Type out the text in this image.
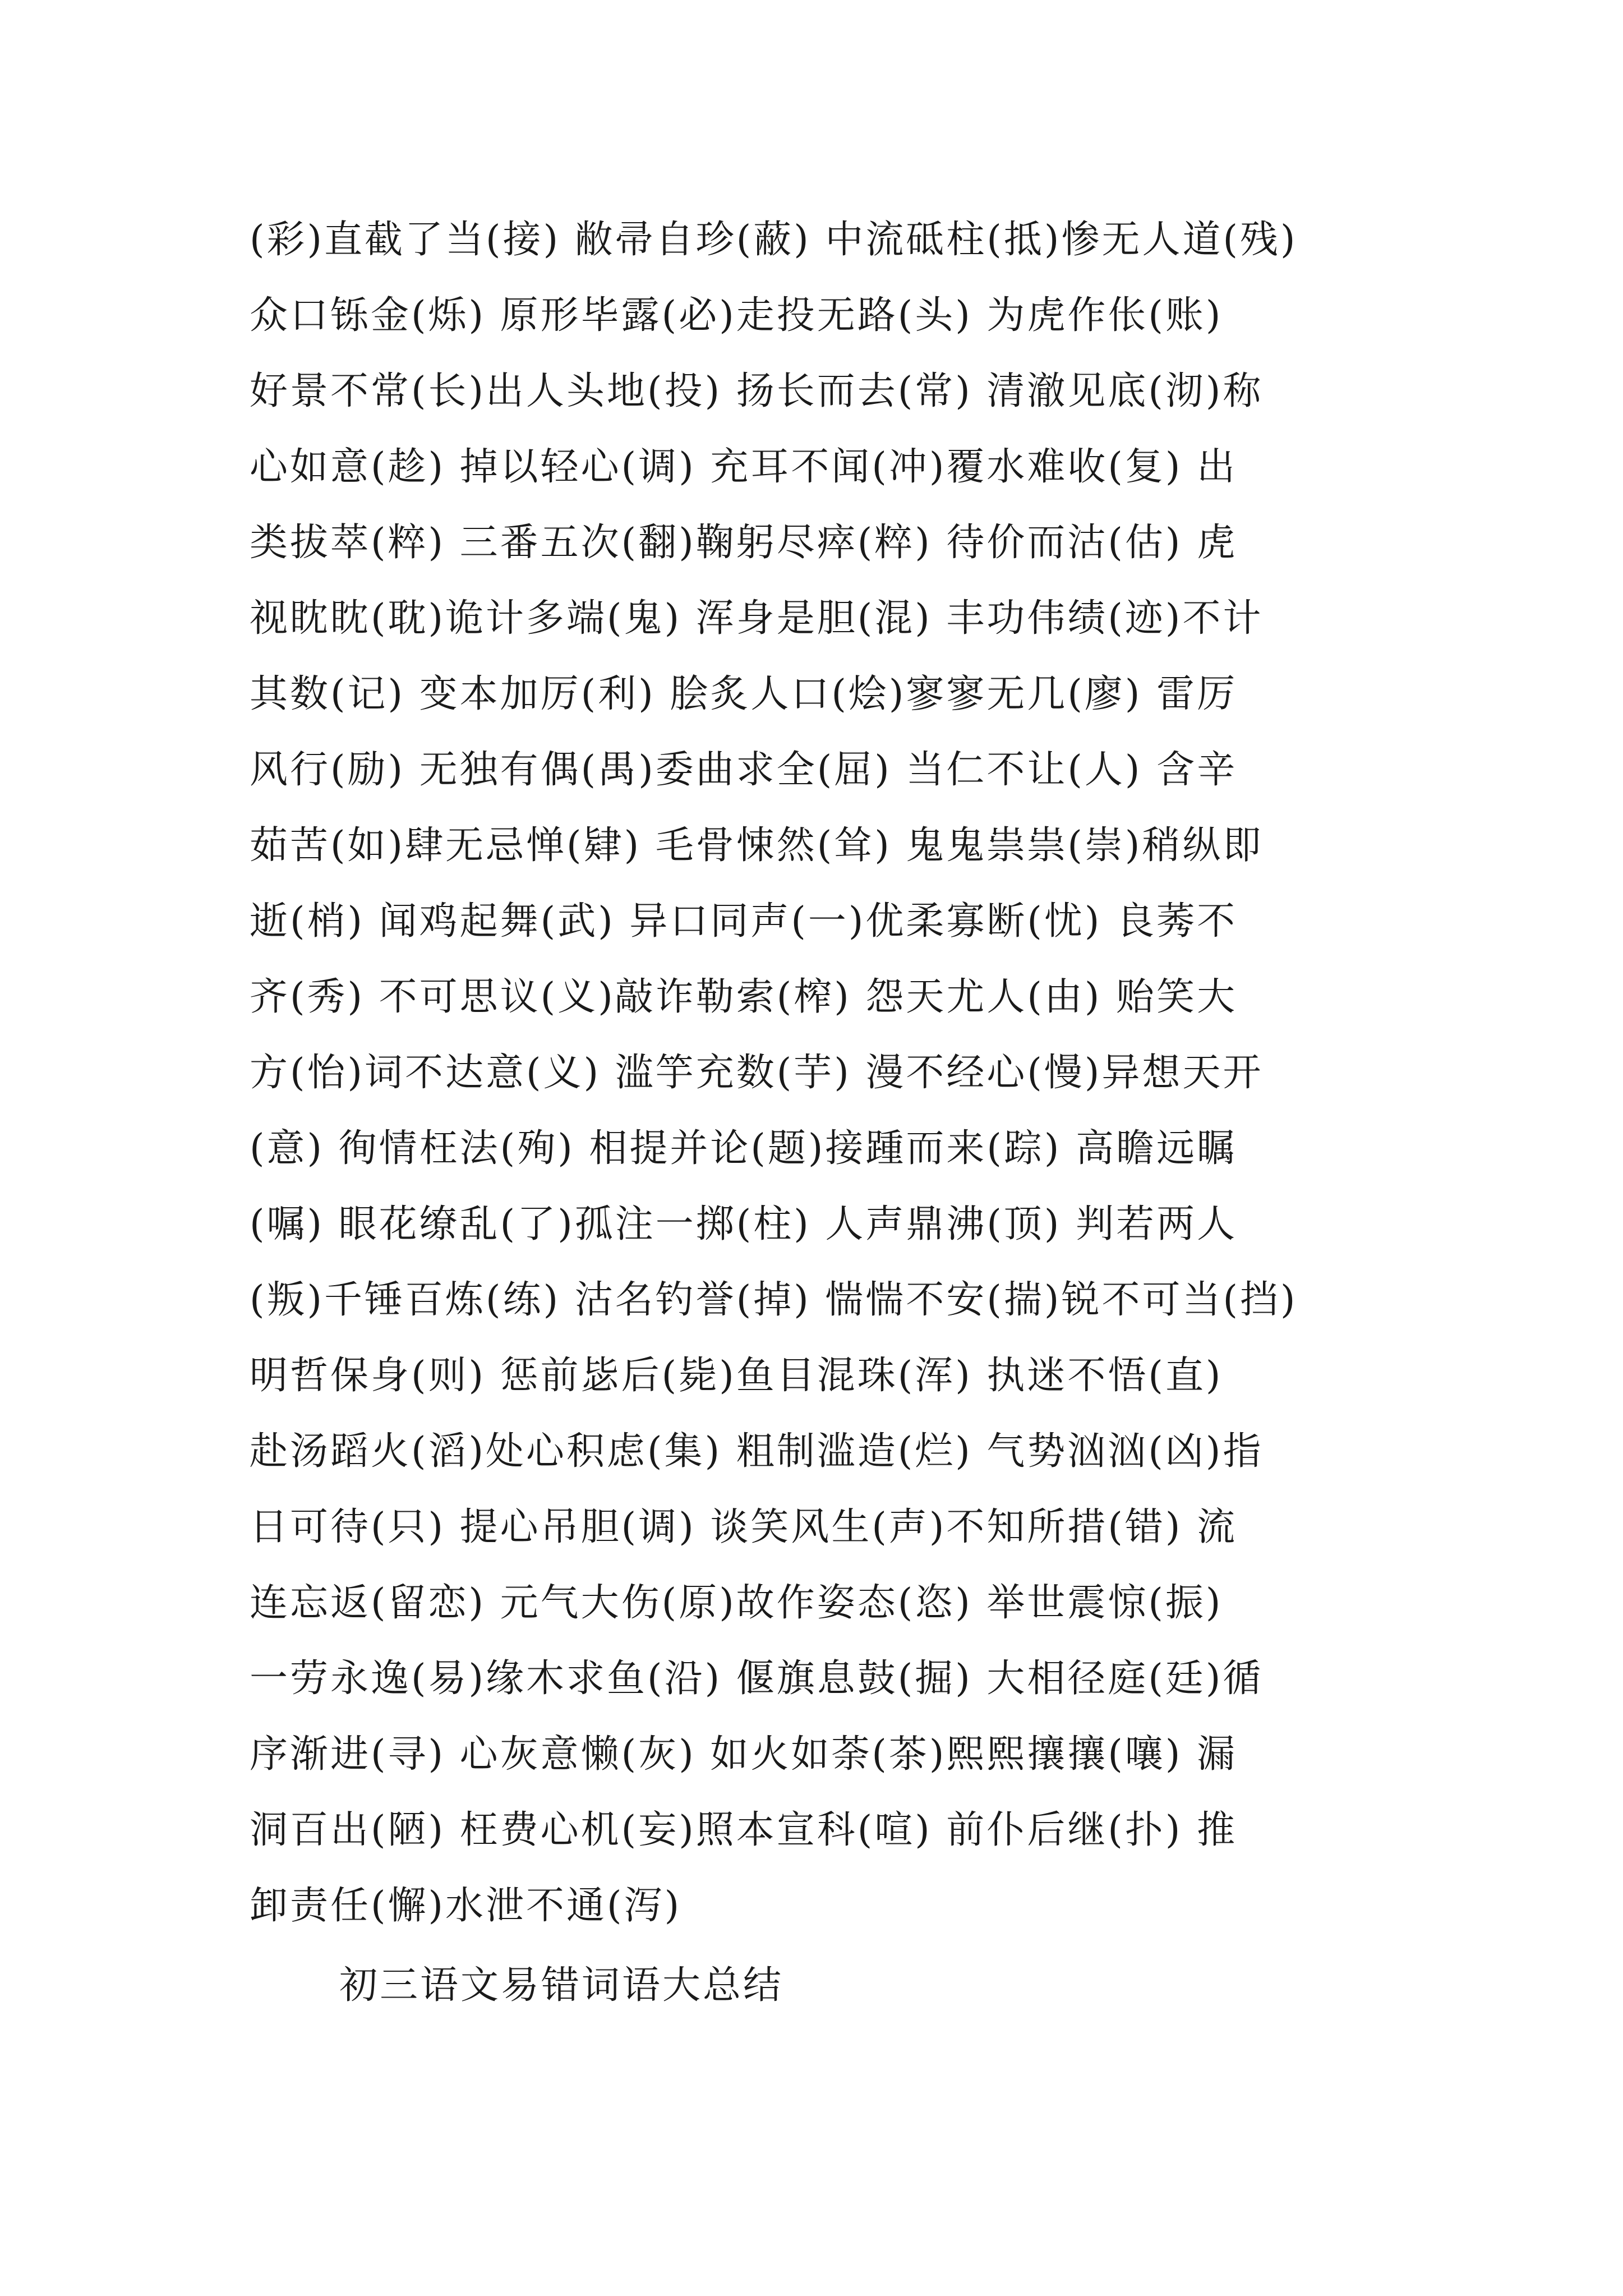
(彩)直截了当(接) 敝帚自珍(蔽) 中流砥柱(抵)惨无人道(残)
众口铄金(烁) 原形毕露(必)走投无路(头) 为虎作伥(账)
好景不常(长)出人头地(投) 扬长而去(常) 清澈见底(沏)称
心如意(趁) 掉以轻心(调) 充耳不闻(冲)覆水难收(复) 出
类拔萃(粹) 三番五次(翻)鞠躬尽瘁(粹) 待价而沽(估) 虎
视眈眈(耽)诡计多端(鬼) 浑身是胆(混) 丰功伟绩(迹)不计
其数(记) 变本加厉(利) 脍炙人口(烩)寥寥无几(廖) 雷厉
风行(励) 无独有偶(禺)委曲求全(屈) 当仁不让(人) 含辛
茹苦(如)肆无忌惮(肄) 毛骨悚然(耸) 鬼鬼祟祟(崇)稍纵即
逝(梢) 闻鸡起舞(武) 异口同声(一)优柔寡断(忧) 良莠不
齐(秀) 不可思议(义)敲诈勒索(榨) 怨天尤人(由) 贻笑大
方(怡)词不达意(义) 滥竽充数(芋) 漫不经心(慢)异想天开
(意) 徇情枉法(殉) 相提并论(题)接踵而来(踪) 高瞻远瞩
(嘱) 眼花缭乱(了)孤注一掷(柱) 人声鼎沸(顶) 判若两人
(叛)千锤百炼(练) 沽名钓誉(掉) 惴惴不安(揣)锐不可当(挡)
明哲保身(则) 惩前毖后(毙)鱼目混珠(浑) 执迷不悟(直)
赴汤蹈火(滔)处心积虑(集) 粗制滥造(烂) 气势汹汹(凶)指
日可待(只) 提心吊胆(调) 谈笑风生(声)不知所措(错) 流
连忘返(留恋) 元气大伤(原)故作姿态(恣) 举世震惊(振)
一劳永逸(易)缘木求鱼(沿) 偃旗息鼓(掘) 大相径庭(廷)循
序渐进(寻) 心灰意懒(灰) 如火如荼(茶)熙熙攘攘(嚷) 漏
洞百出(陋) 枉费心机(妄)照本宣科(喧) 前仆后继(扑) 推
卸责任(懈)水泄不通(泻)
初三语文易错词语大总结
